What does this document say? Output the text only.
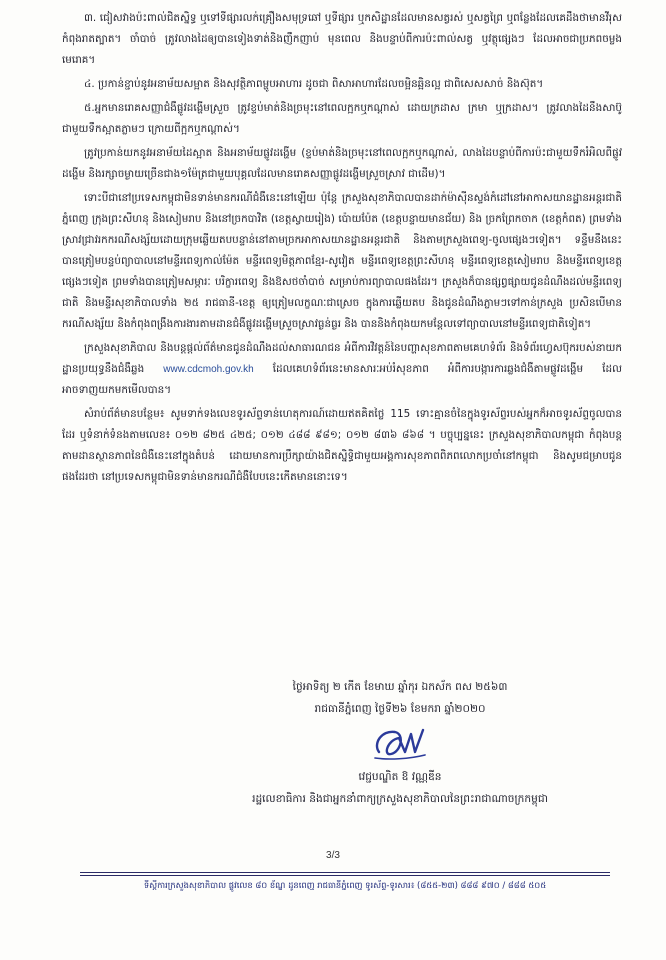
៣. ជៀសវាងប៉ះពាល់ជិតស្និទ្ធ ឬទៅទីផ្សារលក់គ្រឿងសមុទ្រឆៅ ឬទីផ្សារ ឬកសិដ្ឋានដែលមានសត្វរស់ ឬសត្វព្រៃ ឬពន្លែងដែលគេដឹងថាមានវីរុសកំពុងរាតត្បាត។ ចាំបាច់ ត្រូវលាងដៃឲ្យបានទៀងទាត់និងញឹកញាប់ មុនពេល និងបន្ទាប់ពីការប៉ះពាល់សត្វ ឬវត្ថុផ្សេងៗ ដែលអាចជាប្រភពចម្លងមេរោគ។

៤. ប្រកាន់ខ្ជាប់នូវអនាម័យសម្អាត និងសុវត្ថិភាពម្ហូបអាហារ ដូចជា ពិសាអាហារដែលចម្អិនឆ្អិនល្អ ជាពិសេសសាច់ និងស៊ុត។

៥.អ្នកមានរោគសញ្ញាជំងឺផ្លូវដង្ហើមស្រួច ត្រូវខ្ទប់មាត់និងច្រមុះនៅពេលក្អកឬកណ្តាស់ ដោយក្រដាស ក្រមា ឬក្រដាស។ ត្រូវលាងដៃនឹងសាប៊ូ ជាមួយទឹកស្អាតភ្លាមៗ ក្រោយពីក្អកឬកណ្តាស់។

ត្រូវប្រកាន់យកនូវអនាម័យដៃស្អាត និងអនាម័យផ្លូវដង្ហើម (ខ្ទប់មាត់និងច្រមុះនៅពេលក្អកឬកណ្តាស់, លាងដៃបន្ទាប់ពីការប៉ះជាមួយទឹករំអិលពីផ្លូវដង្ហើម និងរក្សាចម្ងាយច្រើនជាង១ម៉ែត្រជាមួយបុគ្គលដែលមានរោគសញ្ញាផ្លូវដង្ហើមស្រួចស្រាវ ជាដើម)។

ទោះបីជានៅប្រទេសកម្ពុជាមិនទាន់មានករណីជំងឺនេះនៅឡើយ ប៉ុន្តែ ក្រសួងសុខាភិបាលបានដាក់ម៉ាស៊ីនស្ទង់កំដៅនៅអាកាសយានដ្ឋានអន្តរជាតិភ្នំពេញ ក្រុងព្រះសីហនុ និងសៀមរាប និងនៅច្រកបាវិត (ខេត្តស្វាយរៀង) ប៉ោយប៉ែត (ខេត្តបន្ទាយមានជ័យ) និង ច្រកព្រែកចាក (ខេត្តកំពត) ព្រមទាំងស្រាវជ្រាវរកករណីសង្ស័យដោយក្រុមឆ្លើយតបបន្ទាន់នៅតាមច្រកអាកាសយានដ្ឋានអន្តរជាតិ និងតាមក្រសួងពេទ្យ-ចូលផ្សេងៗទៀត។ ទន្ទឹមនឹងនេះ បានត្រៀមបន្ទប់ព្យាបាលនៅមន្ទីរពេទ្យកាល់ម៉ែត មន្ទីរពេទ្យមិត្តភាពខ្មែរ-សូវៀត មន្ទីរពេទ្យខេត្តព្រះសីហនុ មន្ទីរពេទ្យខេត្តសៀមរាប និងមន្ទីរពេទ្យខេត្តផ្សេងៗទៀត ព្រមទាំងបានត្រៀមសម្ភារៈ បរិក្ខារពេទ្យ និងឱសថចាំបាច់ សម្រាប់ការព្យាបាលផងដែរ។ ក្រសួងក៏បានផ្សព្វផ្សាយជូនដំណឹងដល់មន្ទីរពេទ្យជាតិ និងមន្ទីរសុខាភិបាលទាំង ២៥ រាជធានី-ខេត្ត ឲ្យត្រៀមលក្ខណៈជាស្រេច ក្នុងការឆ្លើយតប និងជូនដំណឹងភ្លាមៗទៅកាន់ក្រសួង ប្រសិនបើមានករណីសង្ស័យ និងកំពុងពង្រឹងការងារតាមដានជំងឺផ្លូវដង្ហើមស្រួចស្រាវធ្ងន់ធ្ងរ និង បាននិងកំពុងយកមន្តែលទៅព្យាបាលនៅមន្ទីរពេទ្យជាតិទៀត។

ក្រសួងសុខាភិបាល និងបន្តផ្តល់ព័ត៌មានជូនដំណឹងដល់សាធារណជន អំពីការវិវត្តន៍នៃបញ្ហាសុខភាពតាមគេហទំព័រ និងទំព័រហ្វេសប៊ុករបស់នាយកដ្ឋានប្រយុទ្ធនឹងជំងឺឆ្លង www.cdcmoh.gov.kh ដែលគេហទំព័រនេះមានសារៈអប់រំសុខភាព អំពីការបង្ការការឆ្លងជំងឺតាមផ្លូវដង្ហើម ដែលអាចទាញយកមកមើលបាន។

សំរាប់ព័ត៌មានបន្ថែម៖ សូមទាក់ទងលេខទូរស័ព្ទទាន់ហេតុការណ៍ដោយឥតគិតថ្លៃ 115 ទោះគ្មានចំនៃក្នុងទូរស័ព្ទរបស់អ្នកក៏អាចទូរស័ព្ទចូលបានដែរ ឬទំនាក់ទំនងតាមលេខ៖ ០១២ ៨២៥ ៤២៥; ០១២ ៤៨៨ ៩៨១; ០១២ ៨៣៦ ៨៦៨ ។ បច្ចុប្បន្ននេះ ក្រសួងសុខាភិបាលកម្ពុជា កំពុងបន្តតាមដានស្ថានភាពនៃជំងឺនេះនៅក្នុងតំបន់ ដោយមានការប្រឹក្សាយ៉ាងជិតស្និទ្ធិជាមួយអង្គការសុខភាពពិភពលោកប្រចាំនៅកម្ពុជា និងសូមជម្រាបជូនផងដែរថា នៅប្រទេសកម្ពុជាមិនទាន់មានករណីជំងឺបែបនេះកើតមាននោះទេ។

ថ្ងៃអាទិត្យ ២ កើត ខែមាឃ ឆ្នាំកុរ ឯកស័ក ពស ២៥៦៣
រាជធានីភ្នំពេញ ថ្ងៃទី២៦ ខែមករា ឆ្នាំ២០២០
វេជ្ជបណ្ឌិត ឱ វណ្ណឌីន
រដ្ឋលេខាធិការ និងជាអ្នកនាំពាក្យក្រសួងសុខាភិបាលនៃព្រះរាជាណាចក្រកម្ពុជា
3/3
ទីស្តីការក្រសួងសុខាភិបាល ផ្លូវលេខ ៨០ ខ័ណ្ឌ ដូនពេញ រាជធានីភ្នំពេញ ទូរស័ព្ទ-ទូរសារ៖ (៨៥៥-២៣) ៨៨៨ ៩៧០ / ៨៨៨ ៥០៥
